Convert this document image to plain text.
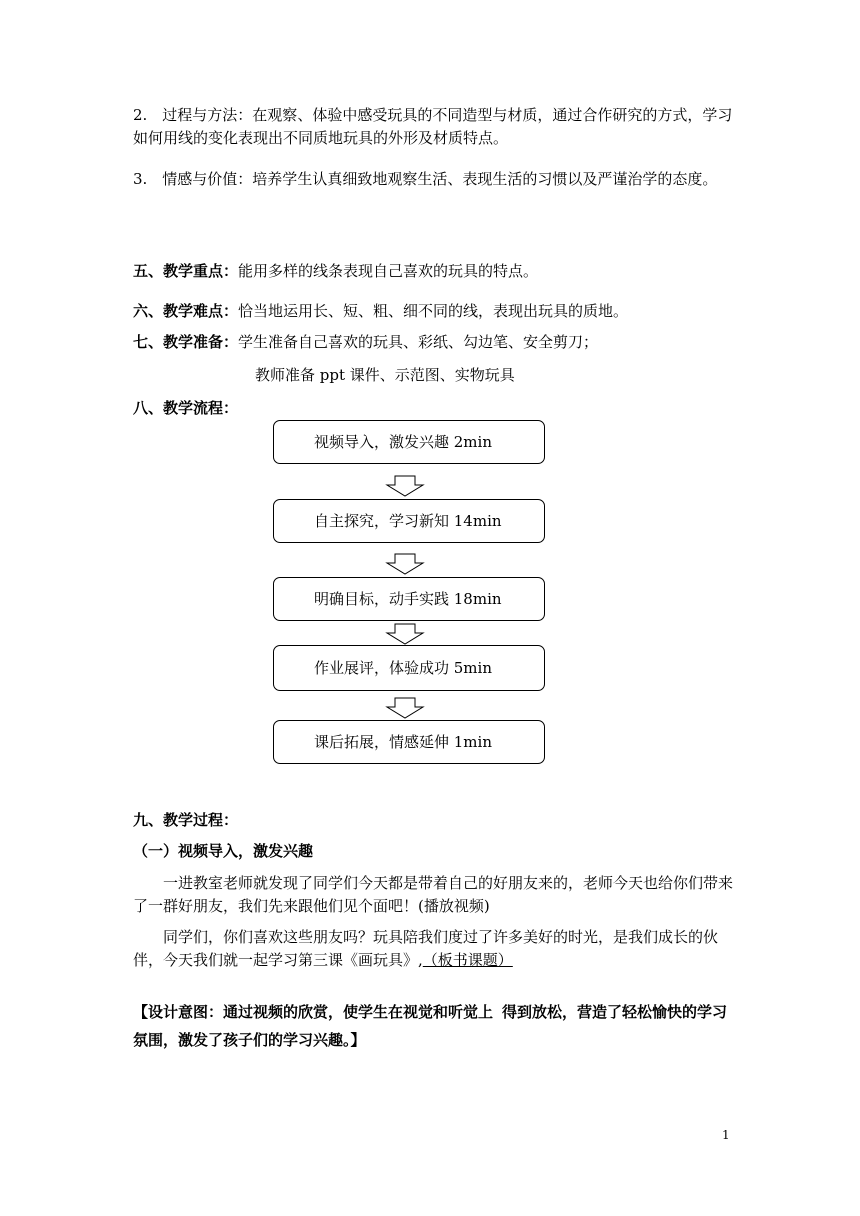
2.　过程与方法：在观察、体验中感受玩具的不同造型与材质，通过合作研究的方式，学习如何用线的变化表现出不同质地玩具的外形及材质特点。

3.　情感与价值：培养学生认真细致地观察生活、表现生活的习惯以及严谨治学的态度。

五、教学重点：能用多样的线条表现自己喜欢的玩具的特点。

六、教学难点：恰当地运用长、短、粗、细不同的线，表现出玩具的质地。

七、教学准备：学生准备自己喜欢的玩具、彩纸、勾边笔、安全剪刀；

教师准备 ppt 课件、示范图、实物玩具

八、教学流程：

视频导入，激发兴趣 2min
自主探究，学习新知 14min
明确目标，动手实践 18min
作业展评，体验成功 5min
课后拓展，情感延伸 1min

九、教学过程：

（一）视频导入，激发兴趣

一进教室老师就发现了同学们今天都是带着自己的好朋友来的，老师今天也给你们带来了一群好朋友，我们先来跟他们见个面吧！(播放视频)

同学们，你们喜欢这些朋友吗？玩具陪我们度过了许多美好的时光，是我们成长的伙伴，今天我们就一起学习第三课《画玩具》,（板书课题）

【设计意图：通过视频的欣赏，使学生在视觉和听觉上 得到放松，营造了轻松愉快的学习氛围，激发了孩子们的学习兴趣。】

1
